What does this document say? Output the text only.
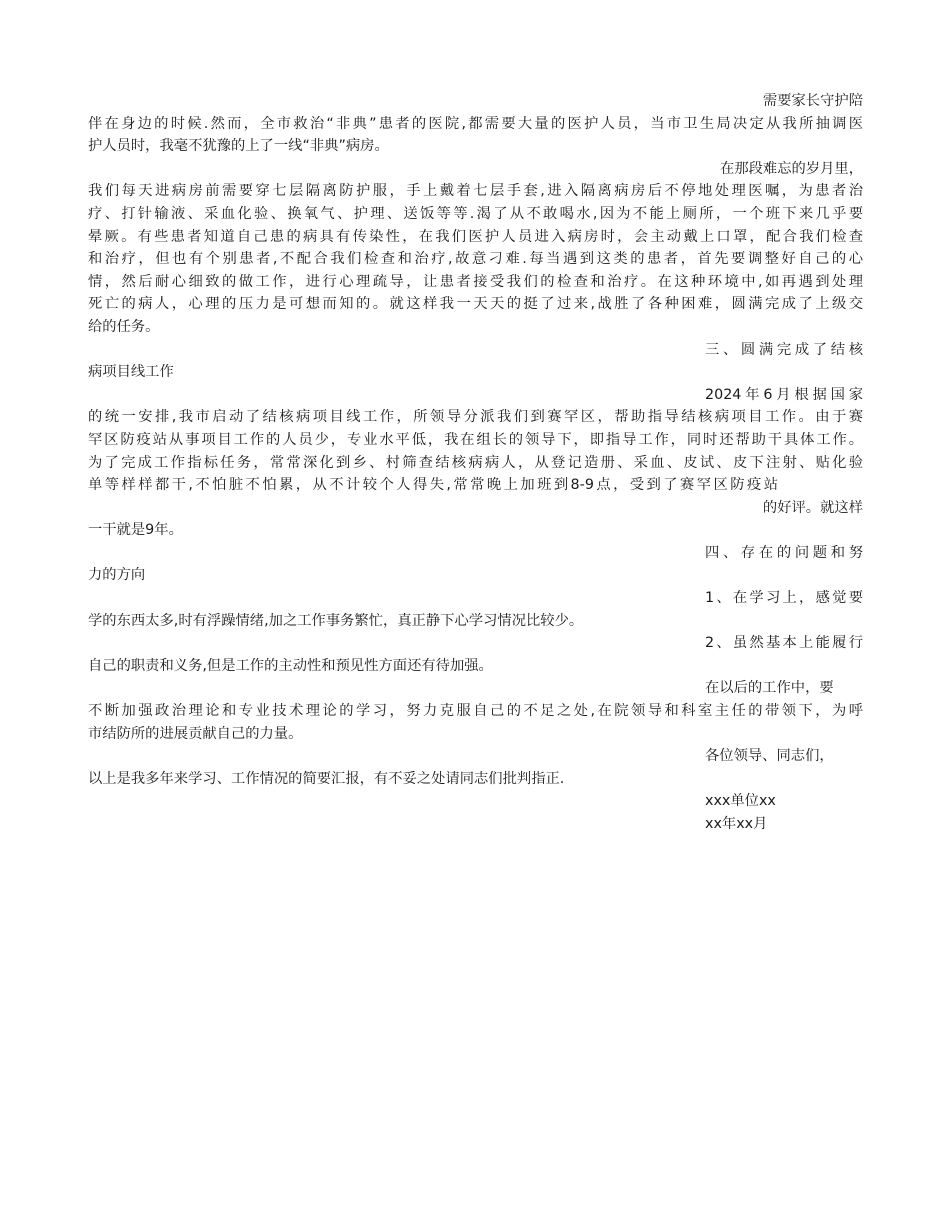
需要家长守护陪
伴在身边的时候.然而，全市救治“非典”患者的医院,都需要大量的医护人员，当市卫生局决定从我所抽调医
护人员时，我毫不犹豫的上了一线“非典”病房。
在那段难忘的岁月里，
我们每天进病房前需要穿七层隔离防护服，手上戴着七层手套,进入隔离病房后不停地处理医嘱，为患者治
疗、打针输液、采血化验、换氧气、护理、送饭等等.渴了从不敢喝水,因为不能上厕所，一个班下来几乎要
晕厥。有些患者知道自己患的病具有传染性，在我们医护人员进入病房时，会主动戴上口罩，配合我们检查
和治疗，但也有个别患者,不配合我们检查和治疗,故意刁难.每当遇到这类的患者，首先要调整好自己的心
情，然后耐心细致的做工作，进行心理疏导，让患者接受我们的检查和治疗。在这种环境中,如再遇到处理
死亡的病人，心理的压力是可想而知的。就这样我一天天的挺了过来,战胜了各种困难，圆满完成了上级交
给的任务。
三、圆满完成了结核
病项目线工作
2024年6月根据国家
的统一安排,我市启动了结核病项目线工作，所领导分派我们到赛罕区，帮助指导结核病项目工作。由于赛
罕区防疫站从事项目工作的人员少，专业水平低，我在组长的领导下，即指导工作，同时还帮助干具体工作。
为了完成工作指标任务，常常深化到乡、村筛查结核病病人，从登记造册、采血、皮试、皮下注射、贴化验
单等样样都干,不怕脏不怕累，从不计较个人得失,常常晚上加班到8-9点，受到了赛罕区防疫站
的好评。就这样
一干就是9年。
四、存在的问题和努
力的方向
1、在学习上，感觉要
学的东西太多,时有浮躁情绪,加之工作事务繁忙，真正静下心学习情况比较少。
2、虽然基本上能履行
自己的职责和义务,但是工作的主动性和预见性方面还有待加强。
在以后的工作中，要
不断加强政治理论和专业技术理论的学习，努力克服自己的不足之处,在院领导和科室主任的带领下，为呼
市结防所的进展贡献自己的力量。
各位领导、同志们，
以上是我多年来学习、工作情况的简要汇报，有不妥之处请同志们批判指正.
xxx单位xx
xx年xx月
